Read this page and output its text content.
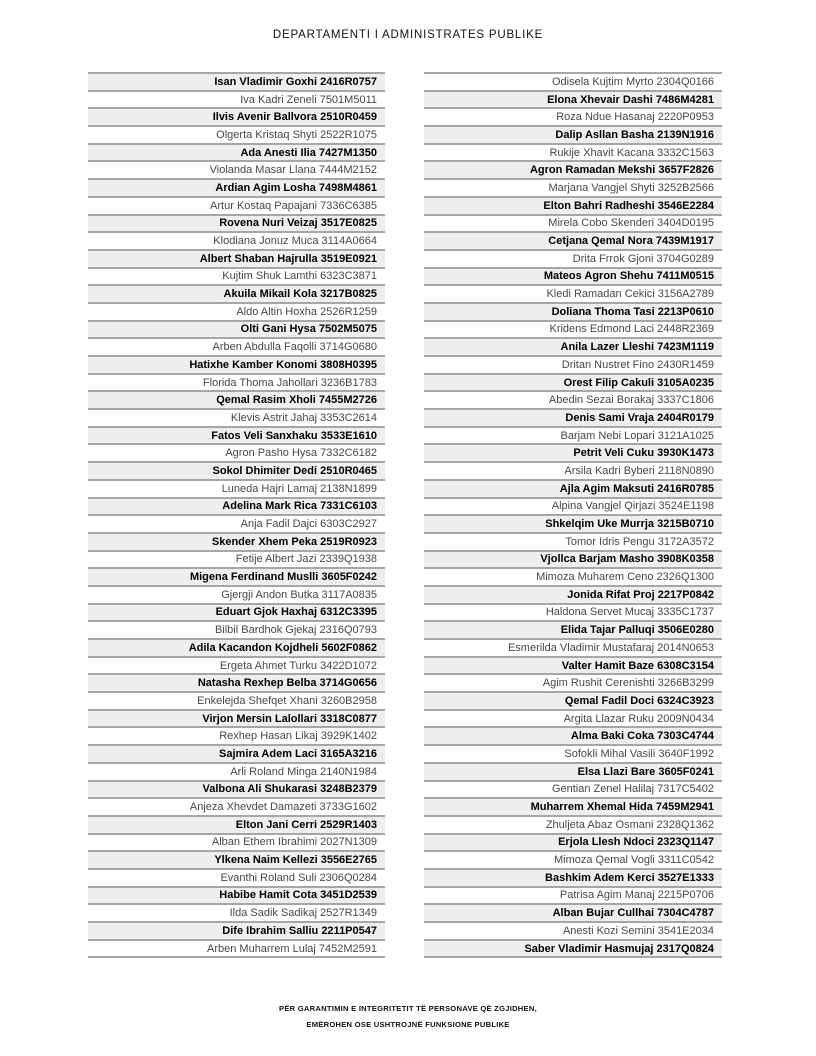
DEPARTAMENTI I ADMINISTRATES PUBLIKE
Isan Vladimir Goxhi 2416R0757
Iva Kadri Zeneli 7501M5011
Ilvis Avenir Ballvora 2510R0459
Olgerta Kristaq Shyti 2522R1075
Ada Anesti Ilia 7427M1350
Violanda Masar Llana 7444M2152
Ardian Agim Losha 7498M4861
Artur Kostaq Papajani 7336C6385
Rovena Nuri Veizaj 3517E0825
Klodiana Jonuz Muca 3114A0664
Albert Shaban Hajrulla 3519E0921
Kujtim Shuk Lamthi 6323C3871
Akuila Mikail Kola 3217B0825
Aldo Altin Hoxha 2526R1259
Olti Gani Hysa 7502M5075
Arben Abdulla Faqolli 3714G0680
Hatixhe Kamber Konomi 3808H0395
Florida Thoma Jahollari 3236B1783
Qemal Rasim Xholi 7455M2726
Klevis Astrit Jahaj 3353C2614
Fatos Veli Sanxhaku 3533E1610
Agron Pasho Hysa 7332C6182
Sokol Dhimiter Dedi 2510R0465
Luneda Hajri Lamaj 2138N1899
Adelina Mark Rica 7331C6103
Anja Fadil Dajci 6303C2927
Skender Xhem Peka 2519R0923
Fetije Albert Jazi 2339Q1938
Migena Ferdinand Muslli 3605F0242
Gjergji Andon Butka 3117A0835
Eduart Gjok Haxhaj 6312C3395
Bilbil Bardhok Gjekaj 2316Q0793
Adila Kacandon Kojdheli 5602F0862
Ergeta Ahmet Turku 3422D1072
Natasha Rexhep Belba 3714G0656
Enkelejda Shefqet Xhani 3260B2958
Virjon Mersin Lalollari 3318C0877
Rexhep Hasan Likaj 3929K1402
Sajmira Adem Laci 3165A3216
Arli Roland Minga 2140N1984
Valbona Ali Shukarasi 3248B2379
Anjeza Xhevdet Damazeti 3733G1602
Elton Jani Cerri 2529R1403
Alban Ethem Ibrahimi 2027N1309
Ylkena Naim Kellezi 3556E2765
Evanthi Roland Suli 2306Q0284
Habibe Hamit Cota 3451D2539
Ilda Sadik Sadikaj 2527R1349
Dife Ibrahim Salliu 2211P0547
Arben Muharrem Lulaj 7452M2591
Odisela Kujtim Myrto 2304Q0166
Elona Xhevair Dashi 7486M4281
Roza Ndue Hasanaj 2220P0953
Dalip Asllan Basha 2139N1916
Rukije Xhavit Kacana 3332C1563
Agron Ramadan Mekshi 3657F2826
Marjana Vangjel Shyti 3252B2566
Elton Bahri Radheshi 3546E2284
Mirela Cobo Skenderi 3404D0195
Cetjana Qemal Nora 7439M1917
Drita Frrok Gjoni 3704G0289
Mateos Agron Shehu 7411M0515
Kledi Ramadan Cekici 3156A2789
Doliana Thoma Tasi 2213P0610
Kridens Edmond Laci 2448R2369
Anila Lazer Lleshi 7423M1119
Dritan Nustret Fino 2430R1459
Orest Filip Cakuli 3105A0235
Abedin Sezai Borakaj 3337C1806
Denis Sami Vraja 2404R0179
Barjam Nebi Lopari 3121A1025
Petrit Veli Cuku 3930K1473
Arsila Kadri Byberi 2118N0890
Ajla Agim Maksuti 2416R0785
Alpina Vangjel Qirjazi 3524E1198
Shkelqim Uke Murrja 3215B0710
Tomor Idris Pengu 3172A3572
Vjollca Barjam Masho 3908K0358
Mimoza Muharem Ceno 2326Q1300
Jonida Rifat Proj 2217P0842
Haldona Servet Mucaj 3335C1737
Elida Tajar Palluqi 3506E0280
Esmerilda Vladimir Mustafaraj 2014N0653
Valter Hamit Baze 6308C3154
Agim Rushit Cerenishti 3266B3299
Qemal Fadil Doci 6324C3923
Argita Llazar Ruku 2009N0434
Alma Baki Coka 7303C4744
Sofokli Mihal Vasili 3640F1992
Elsa Llazi Bare 3605F0241
Gentian Zenel Halilaj 7317C5402
Muharrem Xhemal Hida 7459M2941
Zhuljeta Abaz Osmani 2328Q1362
Erjola Llesh Ndoci 2323Q1147
Mimoza Qemal Vogli 3311C0542
Bashkim Adem Kerci 3527E1333
Patrisa Agim Manaj 2215P0706
Alban Bujar Cullhai 7304C4787
Anesti Kozi Semini 3541E2034
Saber Vladimir Hasmujaj 2317Q0824
PËR GARANTIMIN E INTEGRITETIT TË PERSONAVE QË ZGJIDHEN,
EMËROHEN OSE USHTROJNË FUNKSIONE PUBLIKE
